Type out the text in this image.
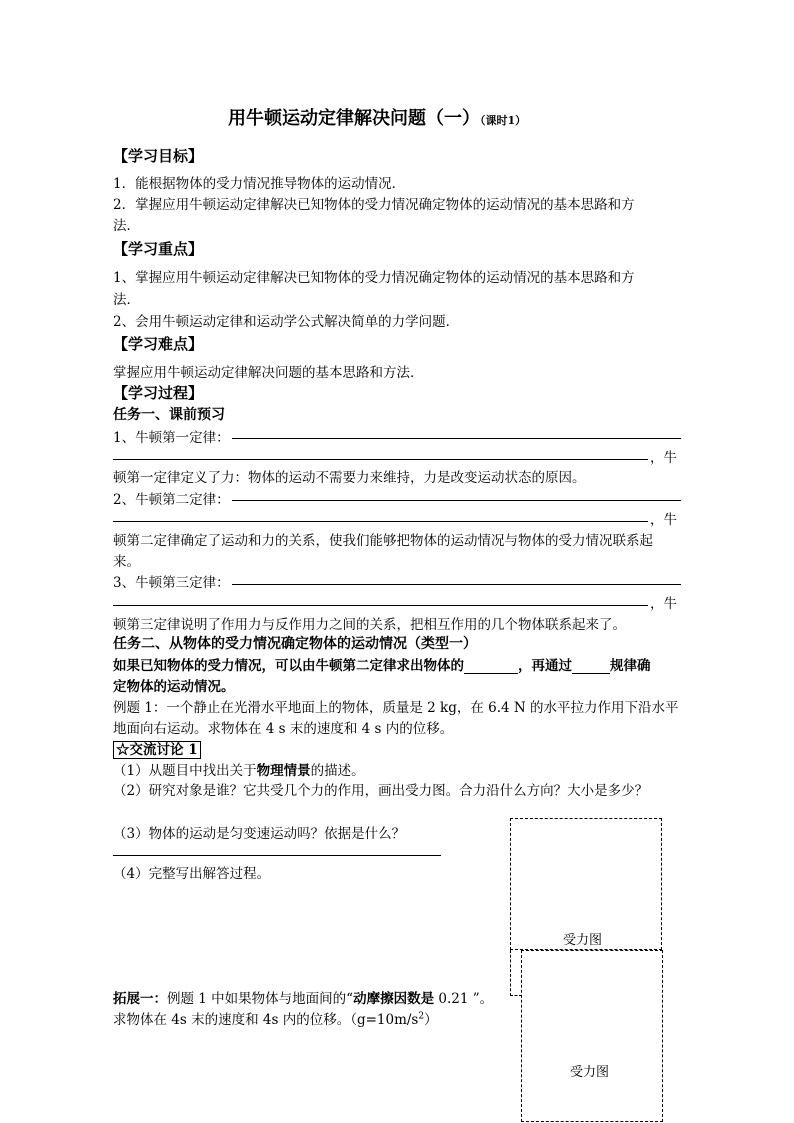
用牛顿运动定律解决问题（一）（课时1）
【学习目标】
1．能根据物体的受力情况推导物体的运动情况．
2．掌握应用牛顿运动定律解决已知物体的受力情况确定物体的运动情况的基本思路和方
法．
【学习重点】
1、掌握应用牛顿运动定律解决已知物体的受力情况确定物体的运动情况的基本思路和方
法．
2、会用牛顿运动定律和运动学公式解决简单的力学问题．
【学习难点】
掌握应用牛顿运动定律解决问题的基本思路和方法．
【学习过程】
任务一、课前预习
1、牛顿第一定律：
，牛
顿第一定律定义了力：物体的运动不需要力来维持，力是改变运动状态的原因。
2、牛顿第二定律：
，牛
顿第二定律确定了运动和力的关系，使我们能够把物体的运动情况与物体的受力情况联系起
来。
3、牛顿第三定律：
，牛
顿第三定律说明了作用力与反作用力之间的关系，把相互作用的几个物体联系起来了。
任务二、从物体的受力情况确定物体的运动情况（类型一）
如果已知物体的受力情况，可以由牛顿第二定律求出物体的	，再通过	规律确
定物体的运动情况。
例题 1：一个静止在光滑水平地面上的物体，质量是 2 kg，在 6.4 N 的水平拉力作用下沿水平
地面向右运动。求物体在 4 s 末的速度和 4 s 内的位移。
☆交流讨论 1
（1）从题目中找出关于物理情景的描述。
（2）研究对象是谁？它共受几个力的作用，画出受力图。合力沿什么方向？大小是多少？
（3）物体的运动是匀变速运动吗？依据是什么？
（4）完整写出解答过程。
拓展一：例题 1 中如果物体与地面间的“动摩擦因数是 0.21 ”。
求物体在 4s 末的速度和 4s 内的位移。$(g=10m/s^2)$
受力图
受力图
